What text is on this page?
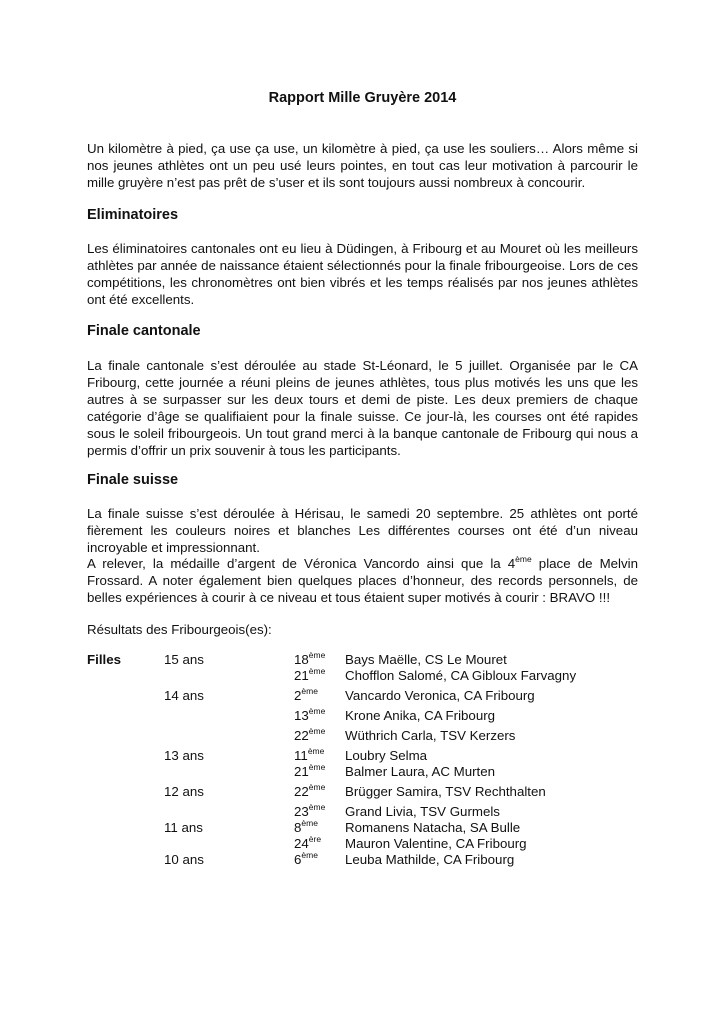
Rapport Mille Gruyère 2014

Un kilomètre à pied, ça use ça use, un kilomètre à pied, ça use les souliers… Alors même si nos jeunes athlètes ont un peu usé leurs pointes, en tout cas leur motivation à parcourir le mille gruyère n’est pas prêt de s’user et ils sont toujours aussi nombreux à concourir.

Eliminatoires

Les éliminatoires cantonales ont eu lieu à Düdingen, à Fribourg et au Mouret où les meilleurs athlètes par année de naissance étaient sélectionnés pour la finale fribourgeoise. Lors de ces compétitions, les chronomètres ont bien vibrés et les temps réalisés par nos jeunes athlètes ont été excellents.

Finale cantonale

La finale cantonale s’est déroulée au stade St-Léonard, le 5 juillet. Organisée par le CA Fribourg, cette journée a réuni pleins de jeunes athlètes, tous plus motivés les uns que les autres à se surpasser sur les deux tours et demi de piste. Les deux premiers de chaque catégorie d’âge se qualifiaient pour la finale suisse. Ce jour-là, les courses ont été rapides sous le soleil fribourgeois. Un tout grand merci à la banque cantonale de Fribourg qui nous a permis d’offrir un prix souvenir à tous les participants.

Finale suisse

La finale suisse s’est déroulée à Hérisau, le samedi 20 septembre. 25 athlètes ont porté fièrement les couleurs noires et blanches Les différentes courses ont été d’un niveau incroyable et impressionnant.

A relever, la médaille d’argent de Véronica Vancordo ainsi que la 4ème place de Melvin Frossard. A noter également bien quelques places d’honneur, des records personnels, de belles expériences à courir à ce niveau et tous étaient super motivés à courir : BRAVO !!!

Résultats des Fribourgeois(es):

Filles	15 ans	18ème Bays Maëlle, CS Le Mouret
21ème Chofflon Salomé, CA Gibloux Farvagny
14 ans	2ème Vancardo Veronica, CA Fribourg
13ème Krone Anika, CA Fribourg
22ème Wüthrich Carla, TSV Kerzers
13 ans	11ème Loubry Selma
21ème Balmer Laura, AC Murten
12 ans	22ème Brügger Samira, TSV Rechthalten
23ème Grand Livia, TSV Gurmels
11 ans	8ème Romanens Natacha, SA Bulle
24ère Mauron Valentine, CA Fribourg
10 ans	6ème Leuba Mathilde, CA Fribourg
